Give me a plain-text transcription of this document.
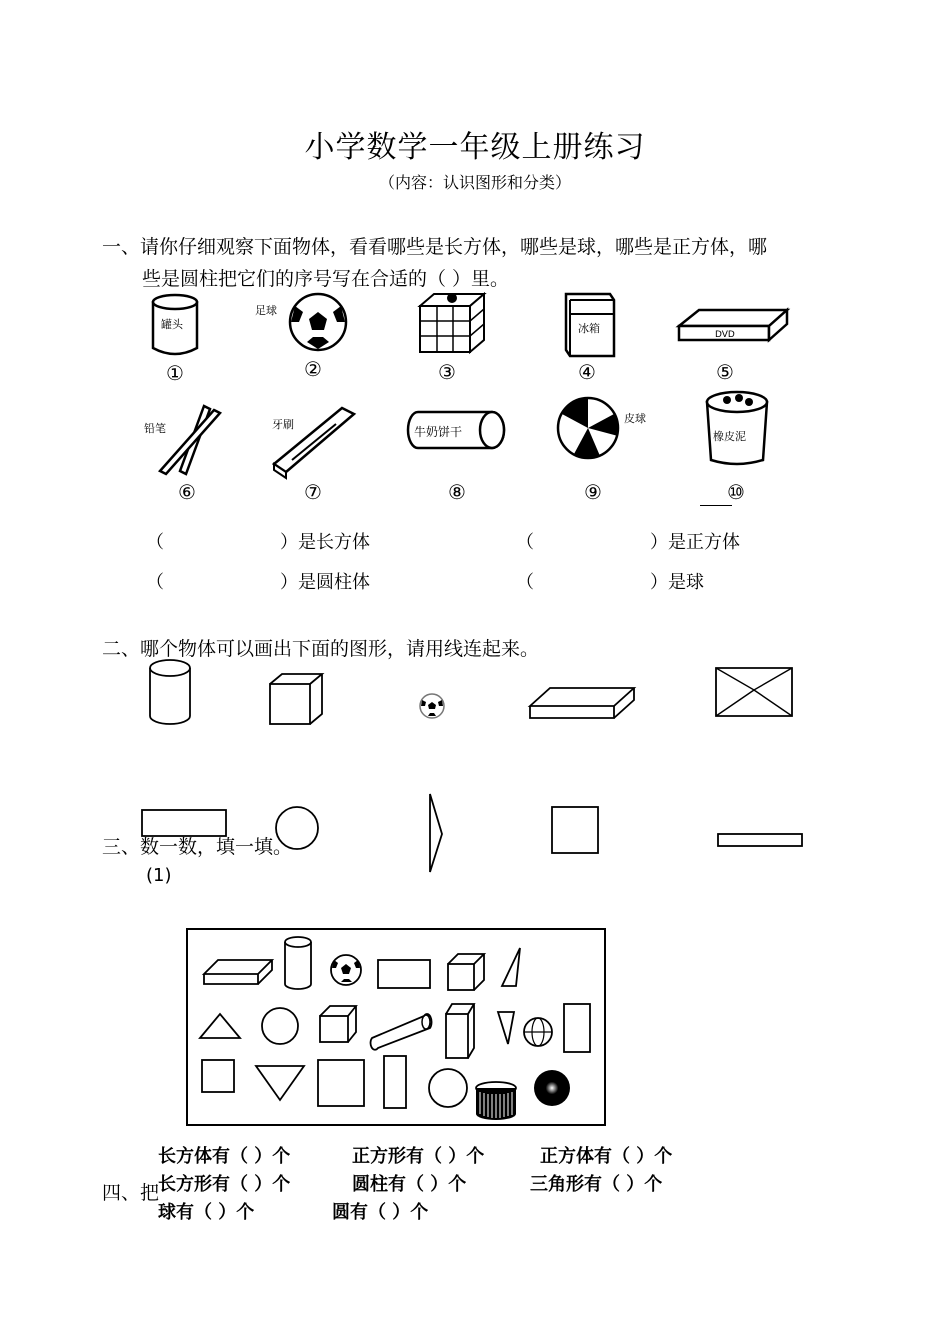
小学数学一年级上册练习
（内容：认识图形和分类）
一、请你仔细观察下面物体，看看哪些是长方体，哪些是球，哪些是正方体，哪
些是圆柱把它们的序号写在合适的（ ）里。
罐头
①
足球
②	③
冰箱
④
DVD
⑤
铅笔
⑥
牙刷
⑦
牛奶饼干
⑧
皮球
⑨
橡皮泥
⑩
（	）是长方体	（	）是正方体
（	）是圆柱体	（	）是球
二、哪个物体可以画出下面的图形，请用线连起来。
三、数一数，填一填。
(1)
长方体有（ ）个	正方形有（ ）个	正方体有（ ）个
长方形有（ ）个	圆柱有（ ）个	三角形有（ ）个
球有（ ）个	圆有（ ）个
四、把
